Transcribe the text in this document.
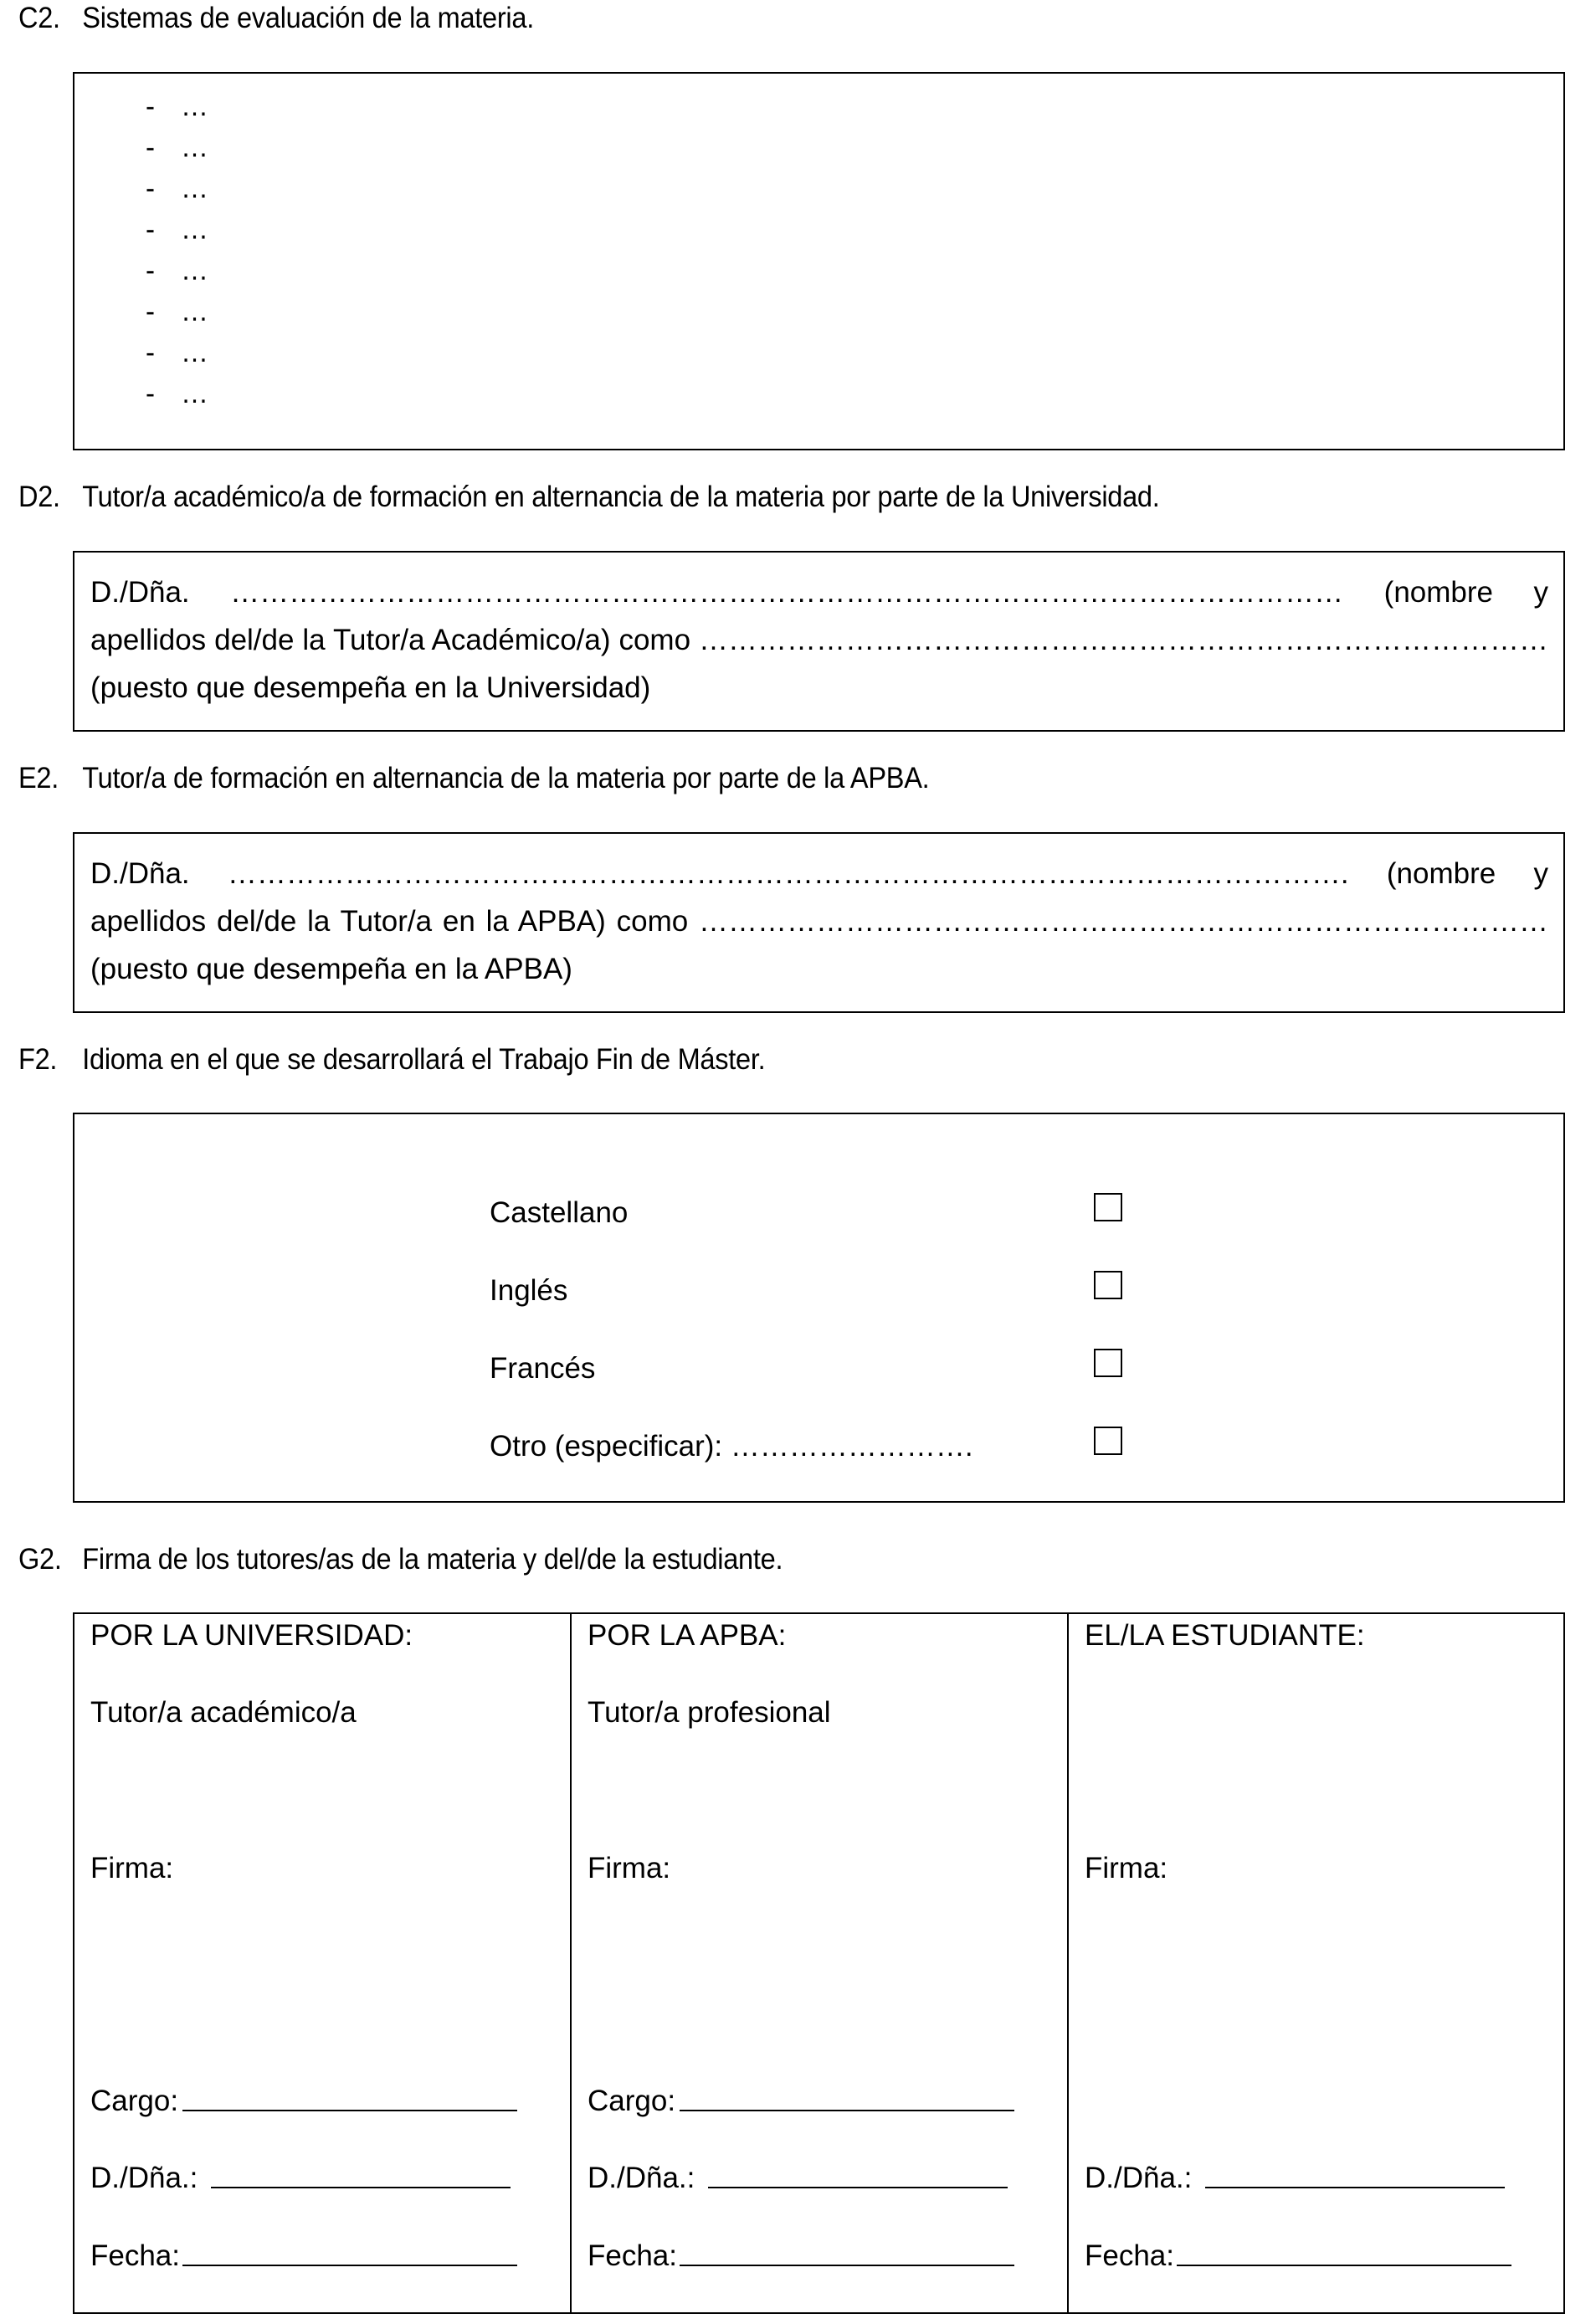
C2. Sistemas de evaluación de la materia.
- …
- …
- …
- …
- …
- …
- …
- …
D2. Tutor/a académico/a de formación en alternancia de la materia por parte de la Universidad.
D./Dña. …………………………………………………………………………………………………… (nombre y apellidos del/de la Tutor/a Académico/a) como …………………………………………………………………………… (puesto que desempeña en la Universidad)
E2. Tutor/a de formación en alternancia de la materia por parte de la APBA.
D./Dña. ……………………………………………………………………………………………………. (nombre y apellidos del/de la Tutor/a en la APBA) como …………………………………………………………………………… (puesto que desempeña en la APBA)
F2. Idioma en el que se desarrollará el Trabajo Fin de Máster.
Castellano
Inglés
Francés
Otro (especificar): …………………….
G2. Firma de los tutores/as de la materia y del/de la estudiante.
POR LA UNIVERSIDAD:
Tutor/a académico/a
Firma:
Cargo:
D./Dña.:
Fecha:
POR LA APBA:
Tutor/a profesional
Firma:
Cargo:
D./Dña.:
Fecha:
EL/LA ESTUDIANTE:
Firma:
D./Dña.:
Fecha:
